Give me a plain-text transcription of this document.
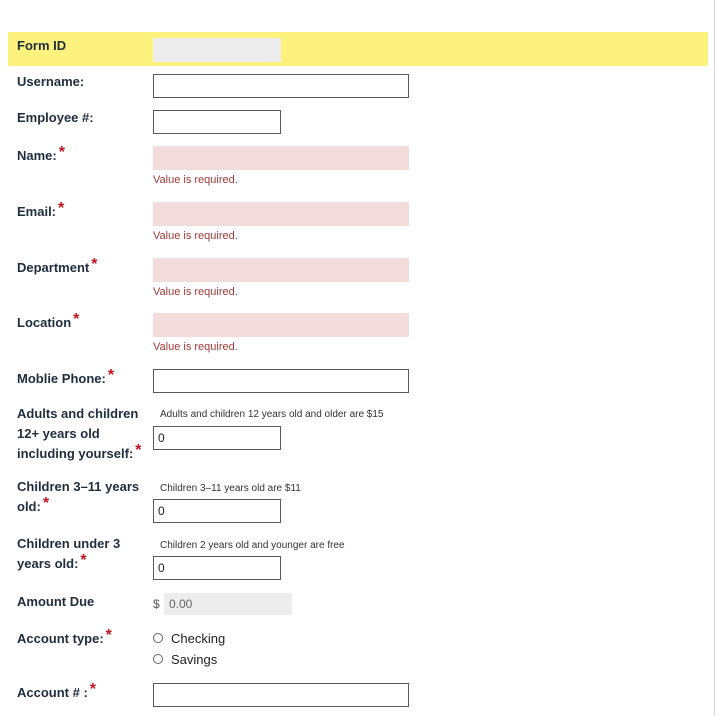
Form ID
Username:
Employee #:
Name: *
Value is required.
Email: *
Value is required.
Department *
Value is required.
Location *
Value is required.
Moblie Phone: *
Adults and children
12+ years old
including yourself: *
Adults and children 12 years old and older are $15
0
Children 3–11 years
old: *
Children 3–11 years old are $11
0
Children under 3
years old: *
Children 2 years old and younger are free
0
Amount Due	$
0.00
Account type: *	Checking
Savings
Account # : *
